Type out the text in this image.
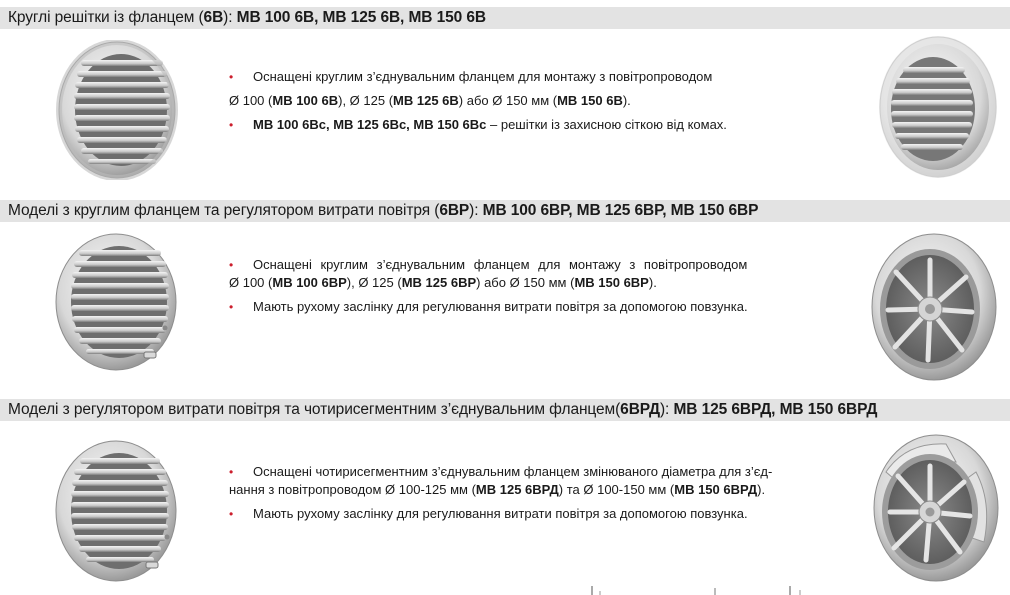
Круглі решітки із фланцем (6В): МВ 100 6В, МВ 125 6В, МВ 150 6В
• Оснащені круглим з’єднувальним фланцем для монтажу з повітропроводом
Ø 100 (МВ 100 6В), Ø 125 (МВ 125 6В) або Ø 150 мм (МВ 150 6В).
• МВ 100 6Вс, МВ 125 6Вс, МВ 150 6Вс – решітки із захисною сіткою від комах.
Моделі з круглим фланцем та регулятором витрати повітря (6ВР): МВ 100 6ВР, МВ 125 6ВР, МВ 150 6ВР
• Оснащені круглим з’єднувальним фланцем для монтажу з повітропроводом
Ø 100 (МВ 100 6ВР), Ø 125 (МВ 125 6ВР) або Ø 150 мм (МВ 150 6ВР).
• Мають рухому заслінку для регулювання витрати повітря за допомогою повзунка.
Моделі з регулятором витрати повітря та чотирисегментним з’єднувальним фланцем(6ВРД): МВ 125 6ВРД, МВ 150 6ВРД
• Оснащені чотирисегментним з’єднувальним фланцем змінюваного діаметра для з’єд-
нання з повітропроводом Ø 100-125 мм (МВ 125 6ВРД) та Ø 100-150 мм (МВ 150 6ВРД).
• Мають рухому заслінку для регулювання витрати повітря за допомогою повзунка.
